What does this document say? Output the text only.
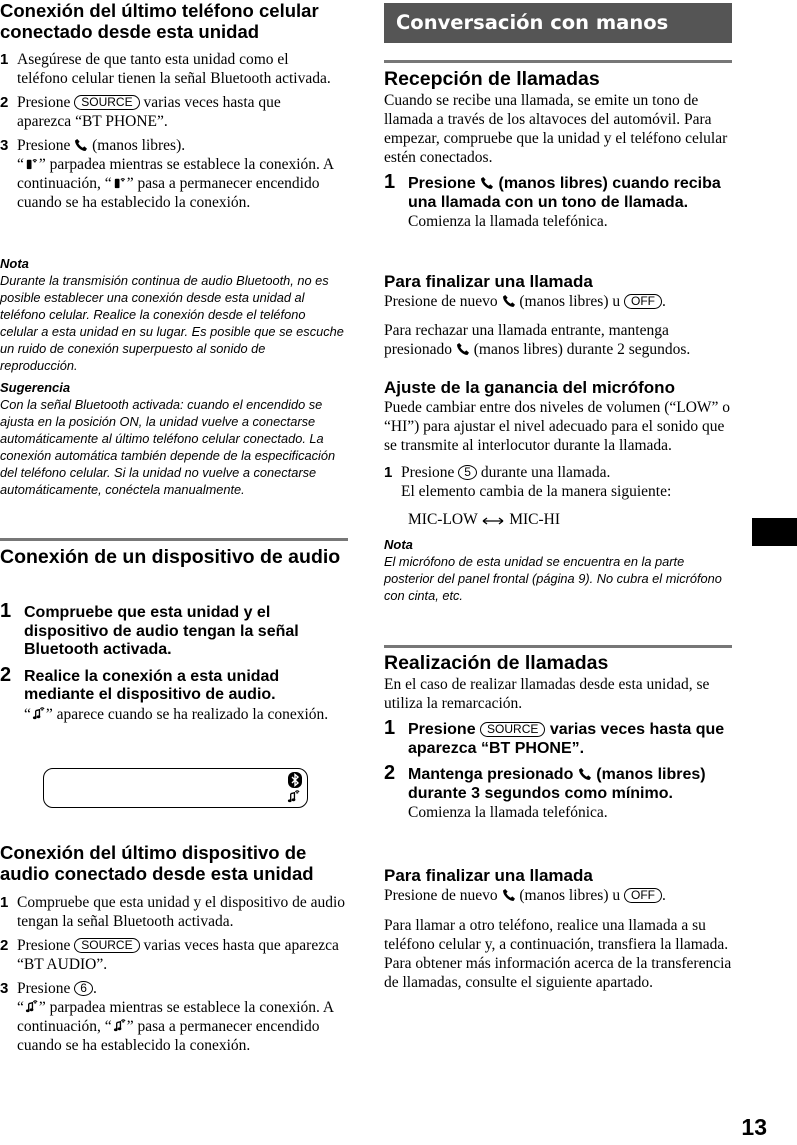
Conexión del último teléfono celular conectado desde esta unidad
1 Asegúrese de que tanto esta unidad como el teléfono celular tienen la señal Bluetooth activada.
2 Presione SOURCE varias veces hasta que aparezca “BT PHONE”.
3 Presione (manos libres).
“ ” parpadea mientras se establece la conexión. A continuación, “ ” pasa a permanecer encendido cuando se ha establecido la conexión.
Nota
Durante la transmisión continua de audio Bluetooth, no es posible establecer una conexión desde esta unidad al teléfono celular. Realice la conexión desde el teléfono celular a esta unidad en su lugar. Es posible que se escuche un ruido de conexión superpuesto al sonido de reproducción.
Sugerencia
Con la señal Bluetooth activada: cuando el encendido se ajusta en la posición ON, la unidad vuelve a conectarse automáticamente al último teléfono celular conectado. La conexión automática también depende de la especificación del teléfono celular. Si la unidad no vuelve a conectarse automáticamente, conéctela manualmente.
Conexión de un dispositivo de audio
1 Compruebe que esta unidad y el dispositivo de audio tengan la señal Bluetooth activada.
2 Realice la conexión a esta unidad mediante el dispositivo de audio.
“ ” aparece cuando se ha realizado la conexión.
Conexión del último dispositivo de audio conectado desde esta unidad
1 Compruebe que esta unidad y el dispositivo de audio tengan la señal Bluetooth activada.
2 Presione SOURCE varias veces hasta que aparezca “BT AUDIO”.
3 Presione 6 .
“ ” parpadea mientras se establece la conexión. A continuación, “ ” pasa a permanecer encendido cuando se ha establecido la conexión.
Conversación con manos libres
Recepción de llamadas

Cuando se recibe una llamada, se emite un tono de llamada a través de los altavoces del automóvil. Para empezar, compruebe que la unidad y el teléfono celular estén conectados.

1 Presione (manos libres) cuando reciba una llamada con un tono de llamada.
Comienza la llamada telefónica.
Para finalizar una llamada

Presione de nuevo (manos libres) u OFF .

Para rechazar una llamada entrante, mantenga presionado (manos libres) durante 2 segundos.

Ajuste de la ganancia del micrófono

Puede cambiar entre dos niveles de volumen (“LOW” o “HI”) para ajustar el nivel adecuado para el sonido que se transmite al interlocutor durante la llamada.

1 Presione 5 durante una llamada.
El elemento cambia de la manera siguiente:
MIC-LOW MIC-HI
Nota
El micrófono de esta unidad se encuentra en la parte posterior del panel frontal (página 9). No cubra el micrófono con cinta, etc.
Realización de llamadas

En el caso de realizar llamadas desde esta unidad, se utiliza la remarcación.

1 Presione SOURCE varias veces hasta que aparezca “BT PHONE”.
2 Mantenga presionado (manos libres) durante 3 segundos como mínimo.
Comienza la llamada telefónica.
Para finalizar una llamada

Presione de nuevo (manos libres) u OFF .

Para llamar a otro teléfono, realice una llamada a su teléfono celular y, a continuación, transfiera la llamada.

Para obtener más información acerca de la transferencia de llamadas, consulte el siguiente apartado.

13
